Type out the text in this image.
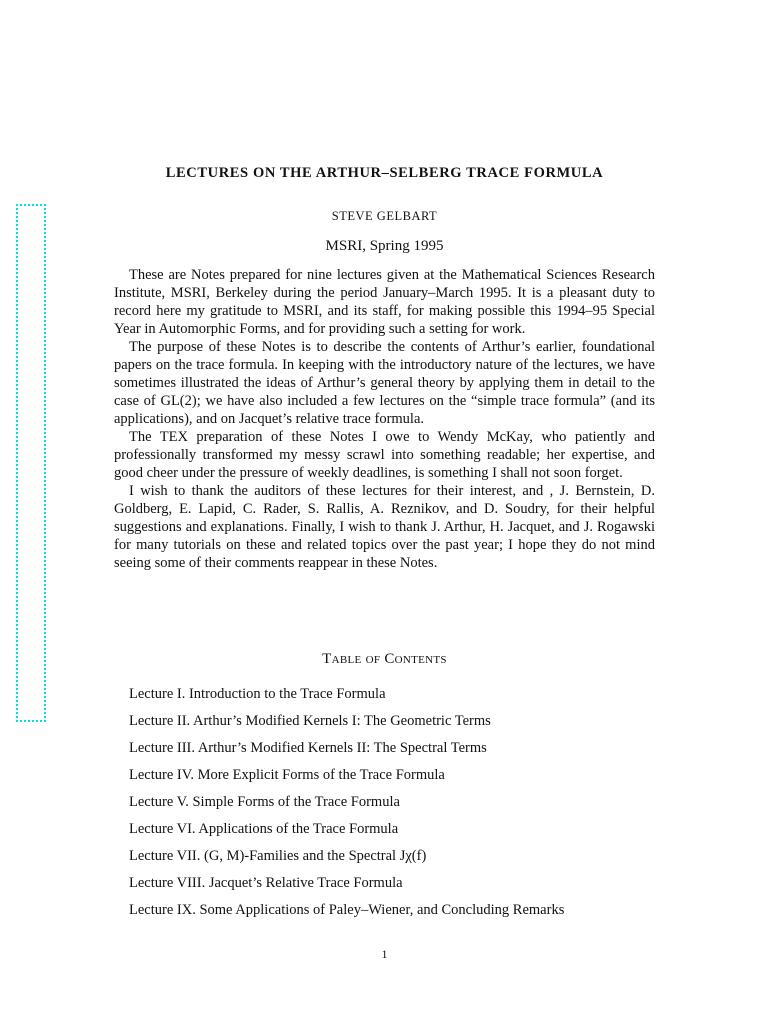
LECTURES ON THE ARTHUR–SELBERG TRACE FORMULA
STEVE GELBART
MSRI, Spring 1995

These are Notes prepared for nine lectures given at the Mathematical Sciences Research Institute, MSRI, Berkeley during the period January–March 1995. It is a pleasant duty to record here my gratitude to MSRI, and its staff, for making possible this 1994–95 Special Year in Automorphic Forms, and for providing such a setting for work.

The purpose of these Notes is to describe the contents of Arthur’s earlier, foundational papers on the trace formula. In keeping with the introductory nature of the lectures, we have sometimes illustrated the ideas of Arthur’s general theory by applying them in detail to the case of GL(2); we have also included a few lectures on the “simple trace formula” (and its applications), and on Jacquet’s relative trace formula.

The TEX preparation of these Notes I owe to Wendy McKay, who patiently and professionally transformed my messy scrawl into something readable; her expertise, and good cheer under the pressure of weekly deadlines, is something I shall not soon forget.

I wish to thank the auditors of these lectures for their interest, and , J. Bernstein, D. Goldberg, E. Lapid, C. Rader, S. Rallis, A. Reznikov, and D. Soudry, for their helpful suggestions and explanations. Finally, I wish to thank J. Arthur, H. Jacquet, and J. Rogawski for many tutorials on these and related topics over the past year; I hope they do not mind seeing some of their comments reappear in these Notes.

Table of Contents
Lecture I. Introduction to the Trace Formula
Lecture II. Arthur’s Modified Kernels I: The Geometric Terms
Lecture III. Arthur’s Modified Kernels II: The Spectral Terms
Lecture IV. More Explicit Forms of the Trace Formula
Lecture V. Simple Forms of the Trace Formula
Lecture VI. Applications of the Trace Formula
Lecture VII. (G, M)-Families and the Spectral Jχ(f)
Lecture VIII. Jacquet’s Relative Trace Formula
Lecture IX. Some Applications of Paley–Wiener, and Concluding Remarks
1
